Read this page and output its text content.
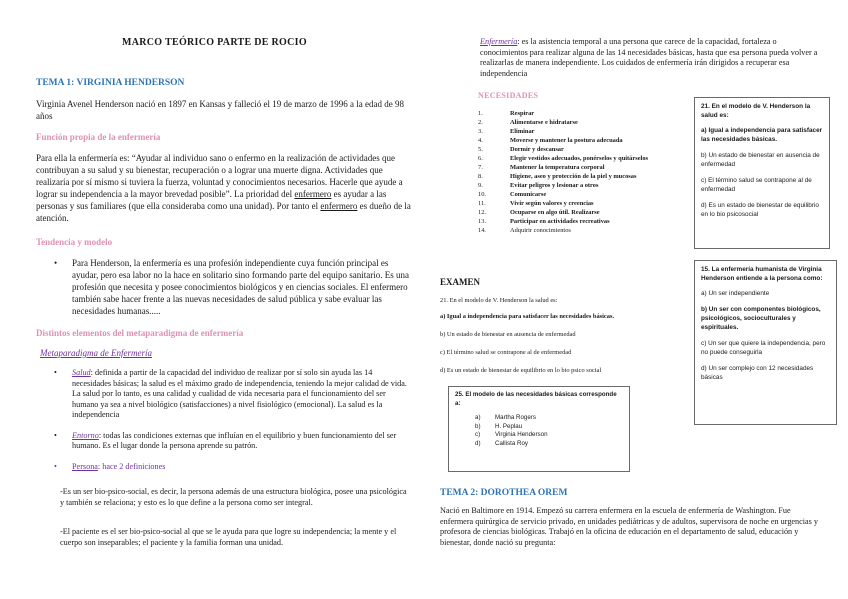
MARCO TEÓRICO PARTE DE ROCIO
TEMA 1: VIRGINIA HENDERSON
Virginia Avenel Henderson nació en 1897 en Kansas y falleció el 19 de marzo de 1996 a la edad de 98 años
Función propia de la enfermería
Para ella la enfermería es: “Ayudar al individuo sano o enfermo en la realización de actividades que contribuyan a su salud y su bienestar, recuperación o a lograr una muerte digna. Actividades que realizaría por sí mismo si tuviera la fuerza, voluntad y conocimientos necesarios. Hacerle que ayude a lograr su independencia a la mayor brevedad posible”. La prioridad del enfermero es ayudar a las personas y sus familiares (que ella consideraba como una unidad). Por tanto el enfermero es dueño de la atención.
Tendencia y modelo
• Para Henderson, la enfermería es una profesión independiente cuya función principal es ayudar, pero esa labor no la hace en solitario sino formando parte del equipo sanitario. Es una profesión que necesita y posee conocimientos biológicos y en ciencias sociales. El enfermero también sabe hacer frente a las nuevas necesidades de salud pública y sabe evaluar las necesidades humanas.....
Distintos elementos del metaparadigma de enfermería
Metaparadigma de Enfermería
• Salud: definida a partir de la capacidad del individuo de realizar por sí solo sin ayuda las 14 necesidades básicas; la salud es el máximo grado de independencia, teniendo la mejor calidad de vida. La salud por lo tanto, es una calidad y cualidad de vida necesaria para el funcionamiento del ser humano ya sea a nivel biológico (satisfacciones) a nivel fisiológico (emocional). La salud es la independencia
• Entorno: todas las condiciones externas que influían en el equilibrio y buen funcionamiento del ser humano. Es el lugar donde la persona aprende su patrón.
• Persona: hace 2 definiciones
-Es un ser bio-psico-social, es decir, la persona además de una estructura biológica, posee una psicológica y también se relaciona; y esto es lo que define a la persona como ser integral.
-El paciente es el ser bio-psico-social al que se le ayuda para que logre su independencia; la mente y el cuerpo son inseparables; el paciente y la familia forman una unidad.
Enfermería: es la asistencia temporal a una persona que carece de la capacidad, fortaleza o conocimientos para realizar alguna de las 14 necesidades básicas, hasta que esa persona pueda volver a realizarlas de manera independiente. Los cuidados de enfermería irán dirigidos a recuperar esa independencia
NECESIDADES
1.	Respirar
2.	Alimentarse e hidratarse
3.	Eliminar
4.	Moverse y mantener la postura adecuada
5.	Dormir y descansar
6.	Elegir vestidos adecuados, ponérselos y quitárselos
7.	Mantener la temperatura corporal
8.	Higiene, aseo y protección de la piel y mucosas
9.	Evitar peligros y lesionar a otros
10.	Comunicarse
11.	Vivir según valores y creencias
12.	Ocuparse en algo útil. Realizarse
13.	Participar en actividades recreativas
14.	Adquirir conocimientos
21. En el modelo de V. Henderson la salud es:
a) Igual a independencia para satisfacer las necesidades básicas.
b) Un estado de bienestar en ausencia de enfermedad
c) El término salud se contrapone al de enfermedad
d) Es un estado de bienestar de equilibrio en lo bio psicosocial
15. La enfermería humanista de Virginia Henderson entiende a la persona como:
a) Un ser independiente
b) Un ser con componentes biológicos, psicológicos, socioculturales y espirituales.
c) Un ser que quiere la independencia, pero no puede conseguirla
d) Un ser complejo con 12 necesidades básicas
EXAMEN
21. En el modelo de V. Henderson la salud es:
a) Igual a independencia para satisfacer las necesidades básicas.
b) Un estado de bienestar en ausencia de enfermedad
c) El término salud se contrapone al de enfermedad
d) Es un estado de bienestar de equilibrio en lo bio psico social
25. El modelo de las necesidades básicas corresponde a:
a)	Martha Rogers
b)	H. Peplau
c)	Virginia Henderson
d)	Callista Roy
TEMA 2: DOROTHEA OREM
Nació en Baltimore en 1914. Empezó su carrera enfermera en la escuela de enfermería de Washington. Fue enfermera quirúrgica de servicio privado, en unidades pediátricas y de adultos, supervisora de noche en urgencias y profesora de ciencias biológicas. Trabajó en la oficina de educación en el departamento de salud, educación y bienestar, donde nació su pregunta:
